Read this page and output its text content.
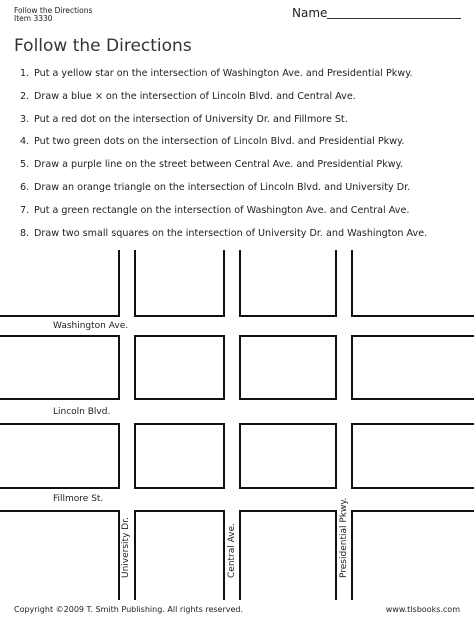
Follow the Directions
Item 3330	Name
Follow the Directions
1. Put a yellow star on the intersection of Washington Ave. and Presidential Pkwy.
2. Draw a blue × on the intersection of Lincoln Blvd. and Central Ave.
3. Put a red dot on the intersection of University Dr. and Fillmore St.
4. Put two green dots on the intersection of Lincoln Blvd. and Presidential Pkwy.
5. Draw a purple line on the street between Central Ave. and Presidential Pkwy.
6. Draw an orange triangle on the intersection of Lincoln Blvd. and University Dr.
7. Put a green rectangle on the intersection of Washington Ave. and Central Ave.
8. Draw two small squares on the intersection of University Dr. and Washington Ave.
Washington Ave.
Lincoln Blvd.
Fillmore St.
University Dr.	Central Ave.	Presidential Pkwy.
Copyright ©2009 T. Smith Publishing. All rights reserved.	www.tlsbooks.com
